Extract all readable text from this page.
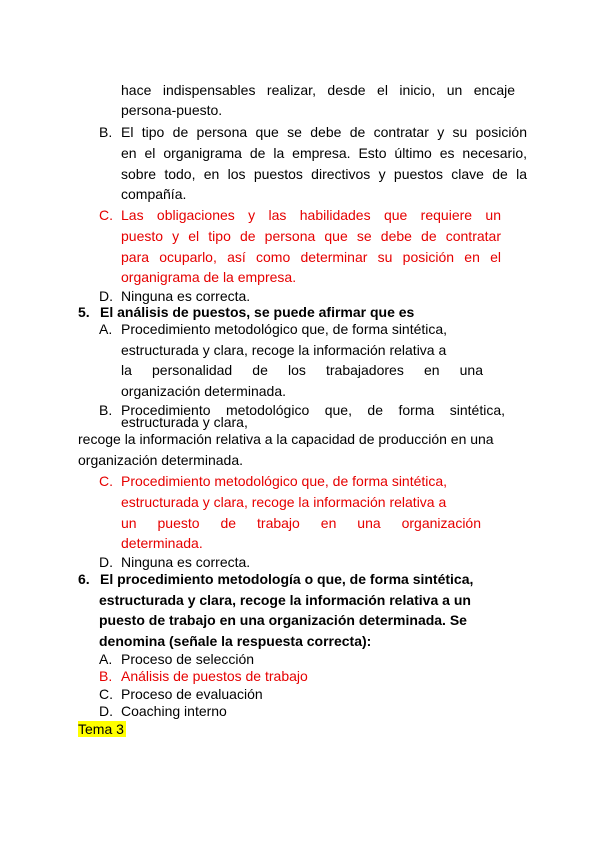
hace indispensables realizar, desde el inicio, un encaje
persona-puesto.
B. El tipo de persona que se debe de contratar y su posición
en el organigrama de la empresa. Esto último es necesario,
sobre todo, en los puestos directivos y puestos clave de la
compañía.
C. Las obligaciones y las habilidades que requiere un
puesto y el tipo de persona que se debe de contratar
para ocuparlo, así como determinar su posición en el
organigrama de la empresa.
D. Ninguna es correcta.
5. El análisis de puestos, se puede afirmar que es
A. Procedimiento metodológico que, de forma sintética,
estructurada y clara, recoge la información relativa a
la personalidad de los trabajadores en una
organización determinada.
B. Procedimiento metodológico que, de forma sintética,
estructurada y clara,
recoge la información relativa a la capacidad de producción en una
organización determinada.
C. Procedimiento metodológico que, de forma sintética,
estructurada y clara, recoge la información relativa a
un puesto de trabajo en una organización
determinada.
D. Ninguna es correcta.
6. El procedimiento metodología o que, de forma sintética,
estructurada y clara, recoge la información relativa a un
puesto de trabajo en una organización determinada. Se
denomina (señale la respuesta correcta):
A. Proceso de selección
B. Análisis de puestos de trabajo
C. Proceso de evaluación
D. Coaching interno
Tema 3
